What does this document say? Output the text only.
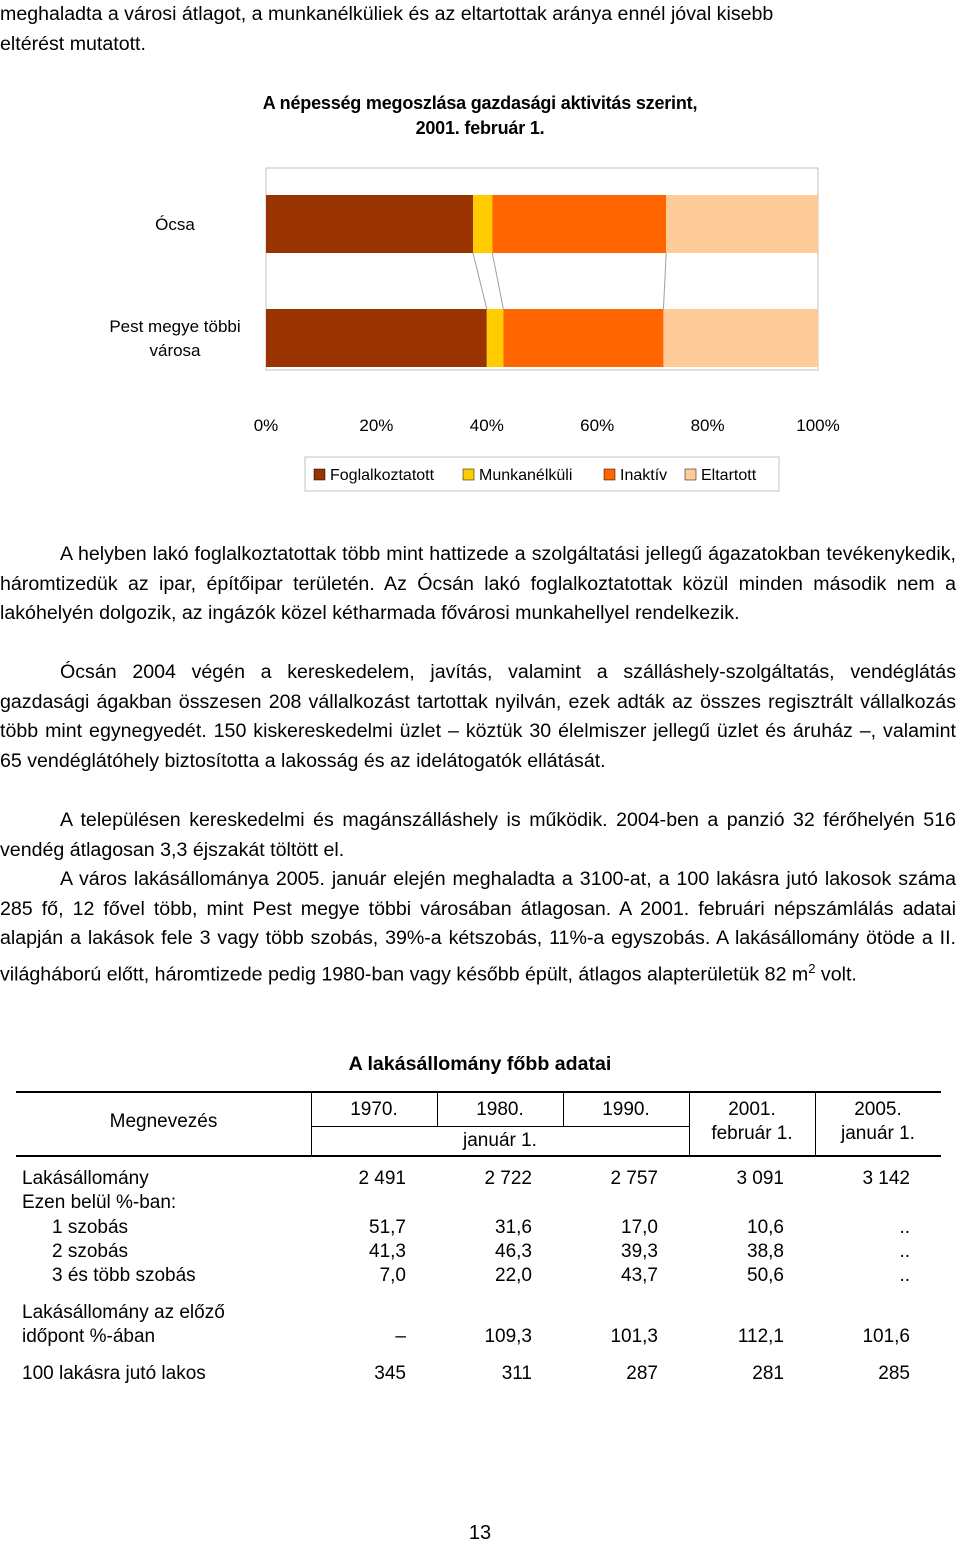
meghaladta a városi átlagot, a munkanélküliek és az eltartottak aránya ennél jóval kisebb
eltérést mutatott.

A népesség megoszlása gazdasági aktivitás szerint,
2001. február 1.
Ócsa
Pest megye többi
városa
0%	20%	40%	60%	80%	100%
Foglalkoztatott	Munkanélküli	Inaktív Eltartott

A helyben lakó foglalkoztatottak több mint hattizede a szolgáltatási jellegű ágazatokban tevékenykedik, háromtizedük az ipar, építőipar területén. Az Ócsán lakó foglalkoztatottak közül minden második nem a lakóhelyén dolgozik, az ingázók közel kétharmada fővárosi munkahellyel rendelkezik.

Ócsán 2004 végén a kereskedelem, javítás, valamint a szálláshely-szolgáltatás, vendéglátás gazdasági ágakban összesen 208 vállalkozást tartottak nyilván, ezek adták az összes regisztrált vállalkozás több mint egynegyedét. 150 kiskereskedelmi üzlet – köztük 30 élelmiszer jellegű üzlet és áruház –, valamint 65 vendéglátóhely biztosította a lakosság és az idelátogatók ellátását.

A településen kereskedelmi és magánszálláshely is működik. 2004-ben a panzió 32 férőhelyén 516 vendég átlagosan 3,3 éjszakát töltött el.

A város lakásállománya 2005. január elején meghaladta a 3100-at, a 100 lakásra jutó lakosok száma 285 fő, 12 fővel több, mint Pest megye többi városában átlagosan. A 2001. februári népszámlálás adatai alapján a lakások fele 3 vagy több szobás, 39%-a kétszobás, 11%-a egyszobás. A lakásállomány ötöde a II. világháború előtt, háromtizede pedig 1980-ban vagy később épült, átlagos alapterületük 82 $m^2$ volt.

A lakásállomány főbb adatai
Megnevezés
1970.	1980.	1990.
január 1.
2001.
február 1.
2005.
január 1.
Lakásállomány	2 491	2 722	2 757	3 091	3 142
Ezen belül %-ban:
1 szobás	51,7	31,6	17,0	10,6	..
2 szobás	41,3	46,3	39,3	38,8	..
3 és több szobás	7,0	22,0	43,7	50,6	..
Lakásállomány az előző
időpont %-ában	–	109,3	101,3	112,1	101,6
100 lakásra jutó lakos	345	311	287	281	285
13
